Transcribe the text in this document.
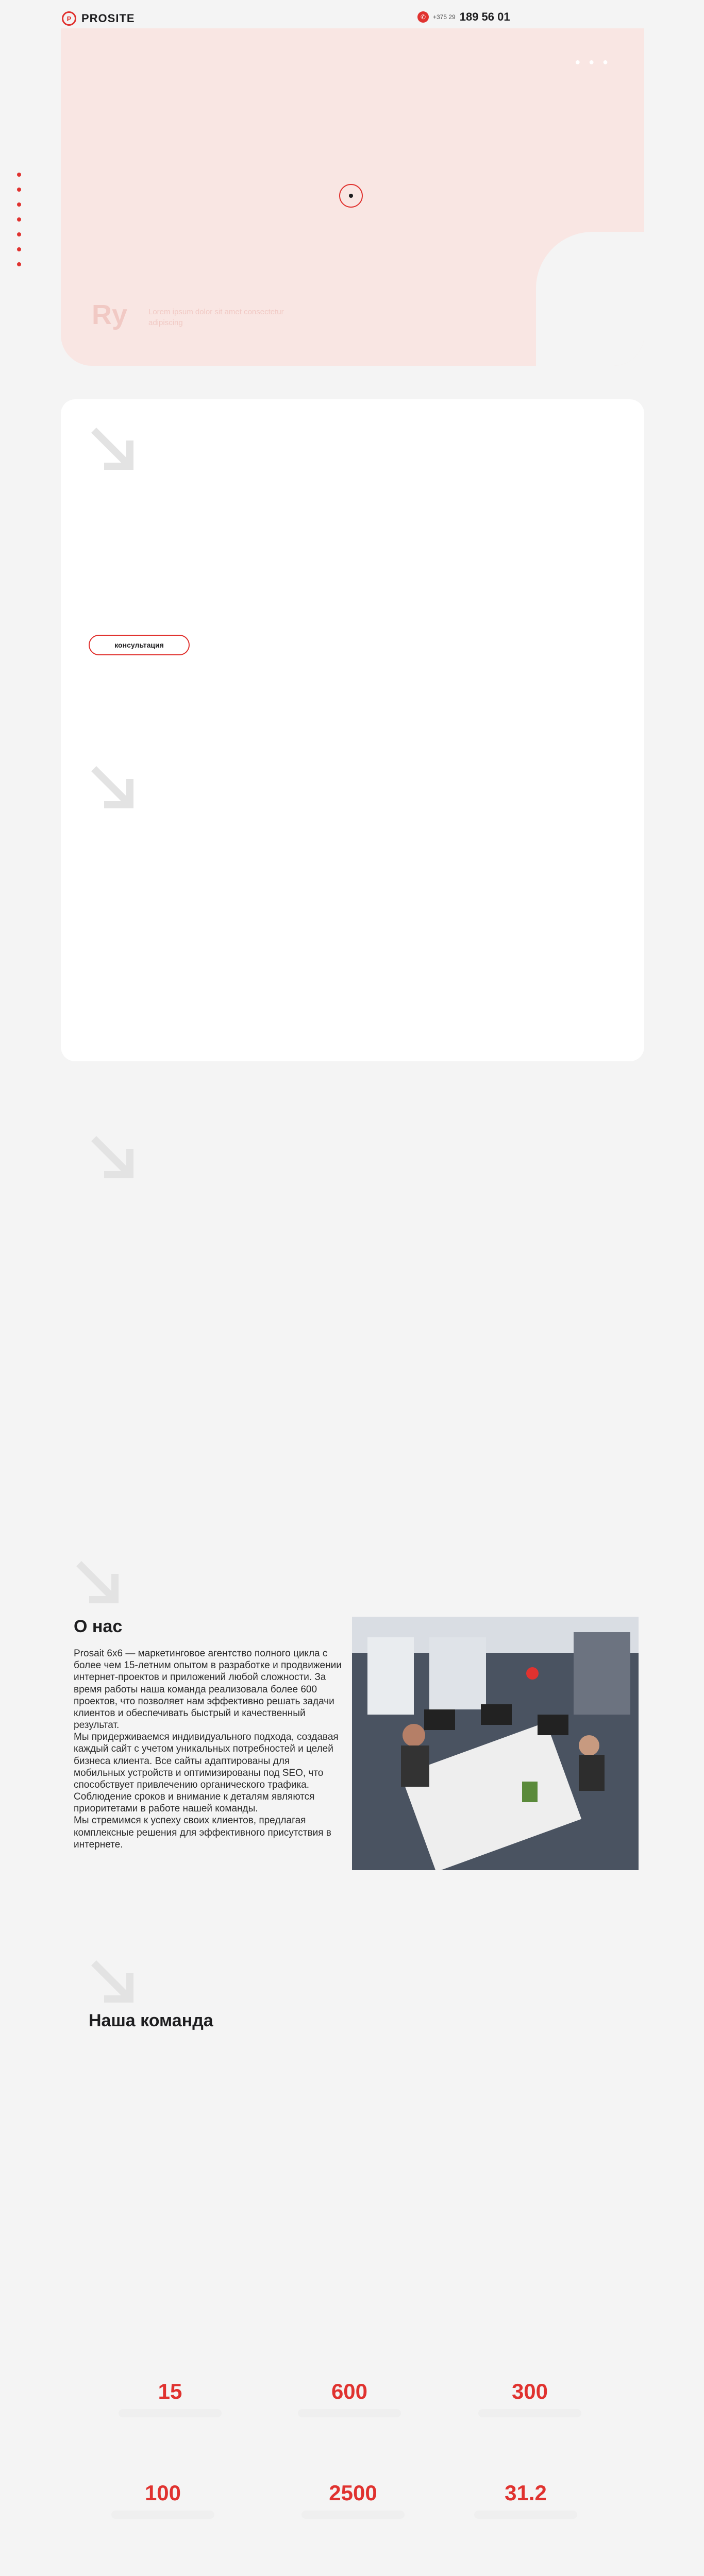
P PROSITE	✆	+375 29 189 56 01
● ● ●
Ry	Lorem ipsum dolor sit amet consectetur adipiscing
консультация
О нас

Prosait 6x6 — маркетинговое агентство полного цикла с более чем 15-летним опытом в разработке и продвижении интернет-проектов и приложений любой сложности. За время работы наша команда реализовала более 600 проектов, что позволяет нам эффективно решать задачи клиентов и обеспечивать быстрый и качественный результат.

Мы придерживаемся индивидуального подхода, создавая каждый сайт с учетом уникальных потребностей и целей бизнеса клиента. Все сайты адаптированы для мобильных устройств и оптимизированы под SEO, что способствует привлечению органического трафика. Соблюдение сроков и внимание к деталям являются приоритетами в работе нашей команды.

Мы стремимся к успеху своих клиентов, предлагая комплексные решения для эффективного присутствия в интернете.

Наша команда
15	600	300
100	2500	31.2
